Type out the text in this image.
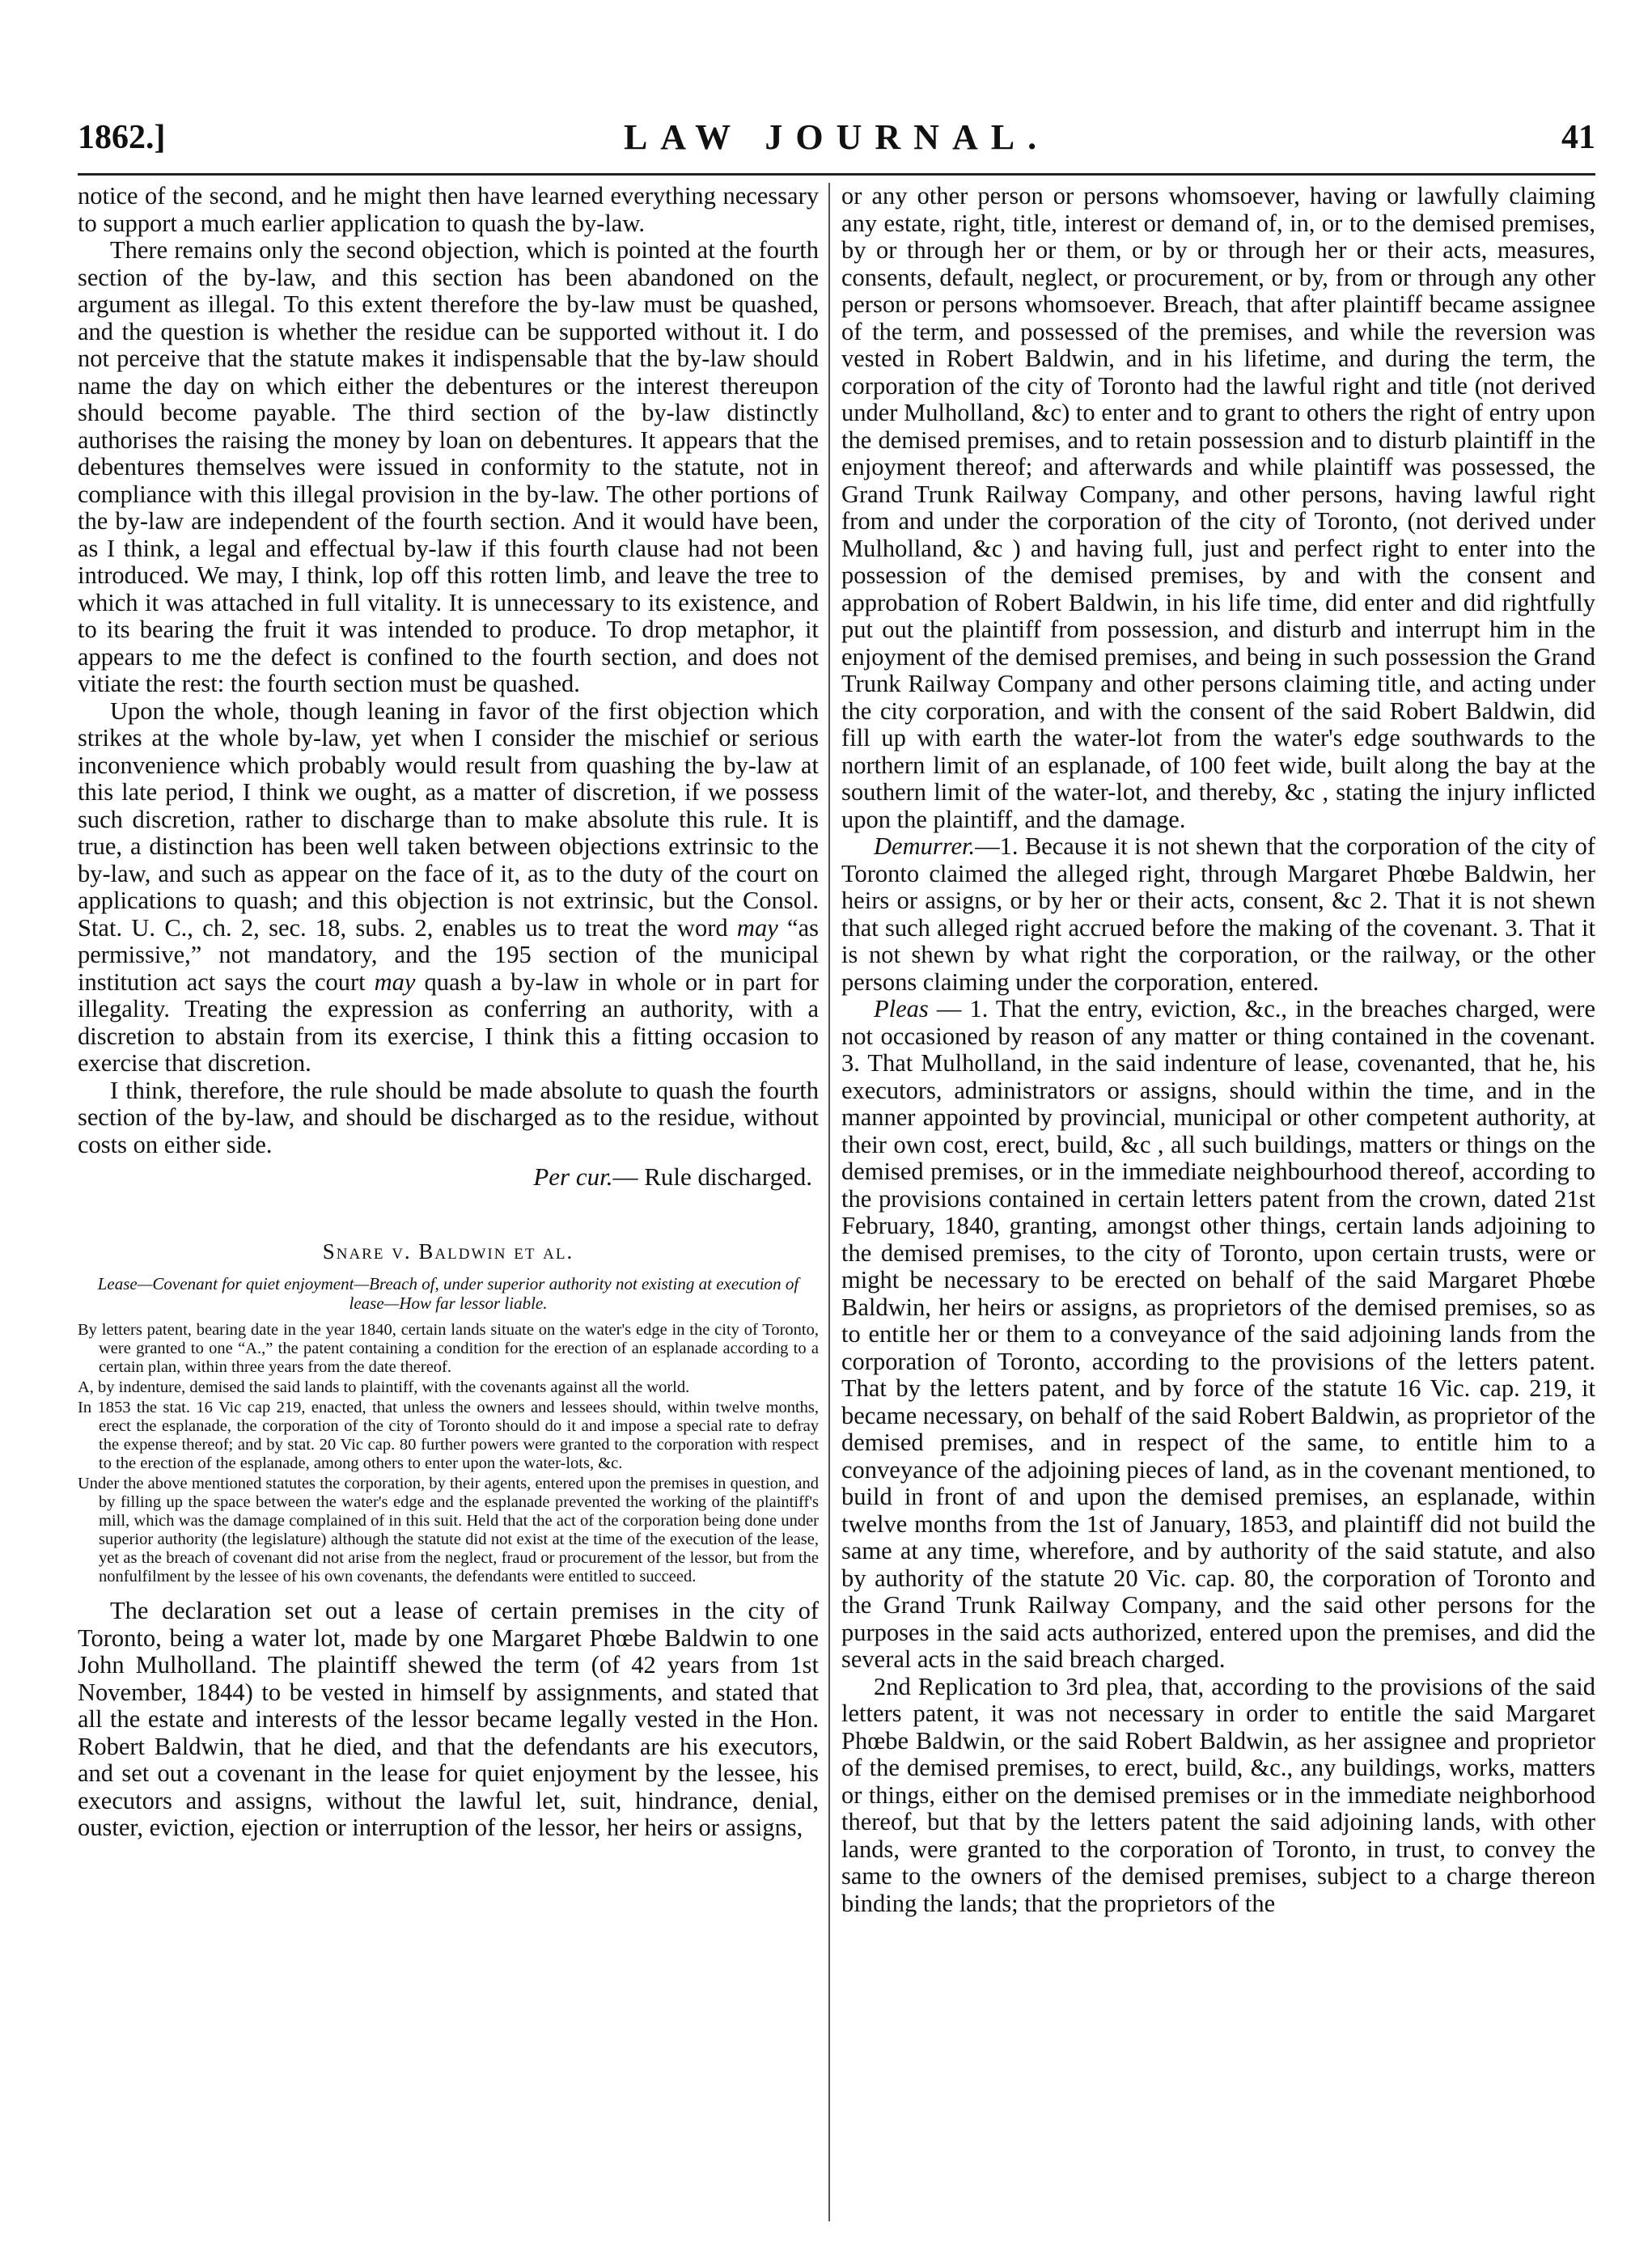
1862.]	LAW JOURNAL.	41

notice of the second, and he might then have learned everything necessary to support a much earlier application to quash the by-law.

There remains only the second objection, which is pointed at the fourth section of the by-law, and this section has been abandoned on the argument as illegal. To this extent therefore the by-law must be quashed, and the question is whether the residue can be supported without it. I do not perceive that the statute makes it indispensable that the by-law should name the day on which either the debentures or the interest thereupon should become payable. The third section of the by-law distinctly authorises the raising the money by loan on debentures. It appears that the debentures themselves were issued in conformity to the statute, not in compliance with this illegal provision in the by-law. The other portions of the by-law are independent of the fourth section. And it would have been, as I think, a legal and effectual by-law if this fourth clause had not been introduced. We may, I think, lop off this rotten limb, and leave the tree to which it was attached in full vitality. It is unnecessary to its existence, and to its bearing the fruit it was intended to produce. To drop metaphor, it appears to me the defect is confined to the fourth section, and does not vitiate the rest: the fourth section must be quashed.

Upon the whole, though leaning in favor of the first objection which strikes at the whole by-law, yet when I consider the mischief or serious inconvenience which probably would result from quashing the by-law at this late period, I think we ought, as a matter of discretion, if we possess such discretion, rather to discharge than to make absolute this rule. It is true, a distinction has been well taken between objections extrinsic to the by-law, and such as appear on the face of it, as to the duty of the court on applications to quash; and this objection is not extrinsic, but the Consol. Stat. U. C., ch. 2, sec. 18, subs. 2, enables us to treat the word may “as permissive,” not mandatory, and the 195 section of the municipal institution act says the court may quash a by-law in whole or in part for illegality. Treating the expression as conferring an authority, with a discretion to abstain from its exercise, I think this a fitting occasion to exercise that discretion.

I think, therefore, the rule should be made absolute to quash the fourth section of the by-law, and should be discharged as to the residue, without costs on either side.

Per cur.— Rule discharged.
Snare v. Baldwin et al.
Lease—Covenant for quiet enjoyment—Breach of, under superior authority not existing at execution of lease—How far lessor liable.

By letters patent, bearing date in the year 1840, certain lands situate on the water's edge in the city of Toronto, were granted to one “A.,” the patent containing a condition for the erection of an esplanade according to a certain plan, within three years from the date thereof.

A, by indenture, demised the said lands to plaintiff, with the covenants against all the world.

In 1853 the stat. 16 Vic cap 219, enacted, that unless the owners and lessees should, within twelve months, erect the esplanade, the corporation of the city of Toronto should do it and impose a special rate to defray the expense thereof; and by stat. 20 Vic cap. 80 further powers were granted to the corporation with respect to the erection of the esplanade, among others to enter upon the water-lots, &c.

Under the above mentioned statutes the corporation, by their agents, entered upon the premises in question, and by filling up the space between the water's edge and the esplanade prevented the working of the plaintiff's mill, which was the damage complained of in this suit. Held that the act of the corporation being done under superior authority (the legislature) although the statute did not exist at the time of the execution of the lease, yet as the breach of covenant did not arise from the neglect, fraud or procurement of the lessor, but from the nonfulfilment by the lessee of his own covenants, the defendants were entitled to succeed.

The declaration set out a lease of certain premises in the city of Toronto, being a water lot, made by one Margaret Phœbe Baldwin to one John Mulholland. The plaintiff shewed the term (of 42 years from 1st November, 1844) to be vested in himself by assignments, and stated that all the estate and interests of the lessor became legally vested in the Hon. Robert Baldwin, that he died, and that the defendants are his executors, and set out a covenant in the lease for quiet enjoyment by the lessee, his executors and assigns, without the lawful let, suit, hindrance, denial, ouster, eviction, ejection or interruption of the lessor, her heirs or assigns,

or any other person or persons whomsoever, having or lawfully claiming any estate, right, title, interest or demand of, in, or to the demised premises, by or through her or them, or by or through her or their acts, measures, consents, default, neglect, or procurement, or by, from or through any other person or persons whomsoever. Breach, that after plaintiff became assignee of the term, and possessed of the premises, and while the reversion was vested in Robert Baldwin, and in his lifetime, and during the term, the corporation of the city of Toronto had the lawful right and title (not derived under Mulholland, &c) to enter and to grant to others the right of entry upon the demised premises, and to retain possession and to disturb plaintiff in the enjoyment thereof; and afterwards and while plaintiff was possessed, the Grand Trunk Railway Company, and other persons, having lawful right from and under the corporation of the city of Toronto, (not derived under Mulholland, &c ) and having full, just and perfect right to enter into the possession of the demised premises, by and with the consent and approbation of Robert Baldwin, in his life time, did enter and did rightfully put out the plaintiff from possession, and disturb and interrupt him in the enjoyment of the demised premises, and being in such possession the Grand Trunk Railway Company and other persons claiming title, and acting under the city corporation, and with the consent of the said Robert Baldwin, did fill up with earth the water-lot from the water's edge southwards to the northern limit of an esplanade, of 100 feet wide, built along the bay at the southern limit of the water-lot, and thereby, &c , stating the injury inflicted upon the plaintiff, and the damage.

Demurrer.—1. Because it is not shewn that the corporation of the city of Toronto claimed the alleged right, through Margaret Phœbe Baldwin, her heirs or assigns, or by her or their acts, consent, &c 2. That it is not shewn that such alleged right accrued before the making of the covenant. 3. That it is not shewn by what right the corporation, or the railway, or the other persons claiming under the corporation, entered.

Pleas — 1. That the entry, eviction, &c., in the breaches charged, were not occasioned by reason of any matter or thing contained in the covenant. 3. That Mulholland, in the said indenture of lease, covenanted, that he, his executors, administrators or assigns, should within the time, and in the manner appointed by provincial, municipal or other competent authority, at their own cost, erect, build, &c , all such buildings, matters or things on the demised premises, or in the immediate neighbourhood thereof, according to the provisions contained in certain letters patent from the crown, dated 21st February, 1840, granting, amongst other things, certain lands adjoining to the demised premises, to the city of Toronto, upon certain trusts, were or might be necessary to be erected on behalf of the said Margaret Phœbe Baldwin, her heirs or assigns, as proprietors of the demised premises, so as to entitle her or them to a conveyance of the said adjoining lands from the corporation of Toronto, according to the provisions of the letters patent. That by the letters patent, and by force of the statute 16 Vic. cap. 219, it became necessary, on behalf of the said Robert Baldwin, as proprietor of the demised premises, and in respect of the same, to entitle him to a conveyance of the adjoining pieces of land, as in the covenant mentioned, to build in front of and upon the demised premises, an esplanade, within twelve months from the 1st of January, 1853, and plaintiff did not build the same at any time, wherefore, and by authority of the said statute, and also by authority of the statute 20 Vic. cap. 80, the corporation of Toronto and the Grand Trunk Railway Company, and the said other persons for the purposes in the said acts authorized, entered upon the premises, and did the several acts in the said breach charged.

2nd Replication to 3rd plea, that, according to the provisions of the said letters patent, it was not necessary in order to entitle the said Margaret Phœbe Baldwin, or the said Robert Baldwin, as her assignee and proprietor of the demised premises, to erect, build, &c., any buildings, works, matters or things, either on the demised premises or in the immediate neighborhood thereof, but that by the letters patent the said adjoining lands, with other lands, were granted to the corporation of Toronto, in trust, to convey the same to the owners of the demised premises, subject to a charge thereon binding the lands; that the proprietors of the
